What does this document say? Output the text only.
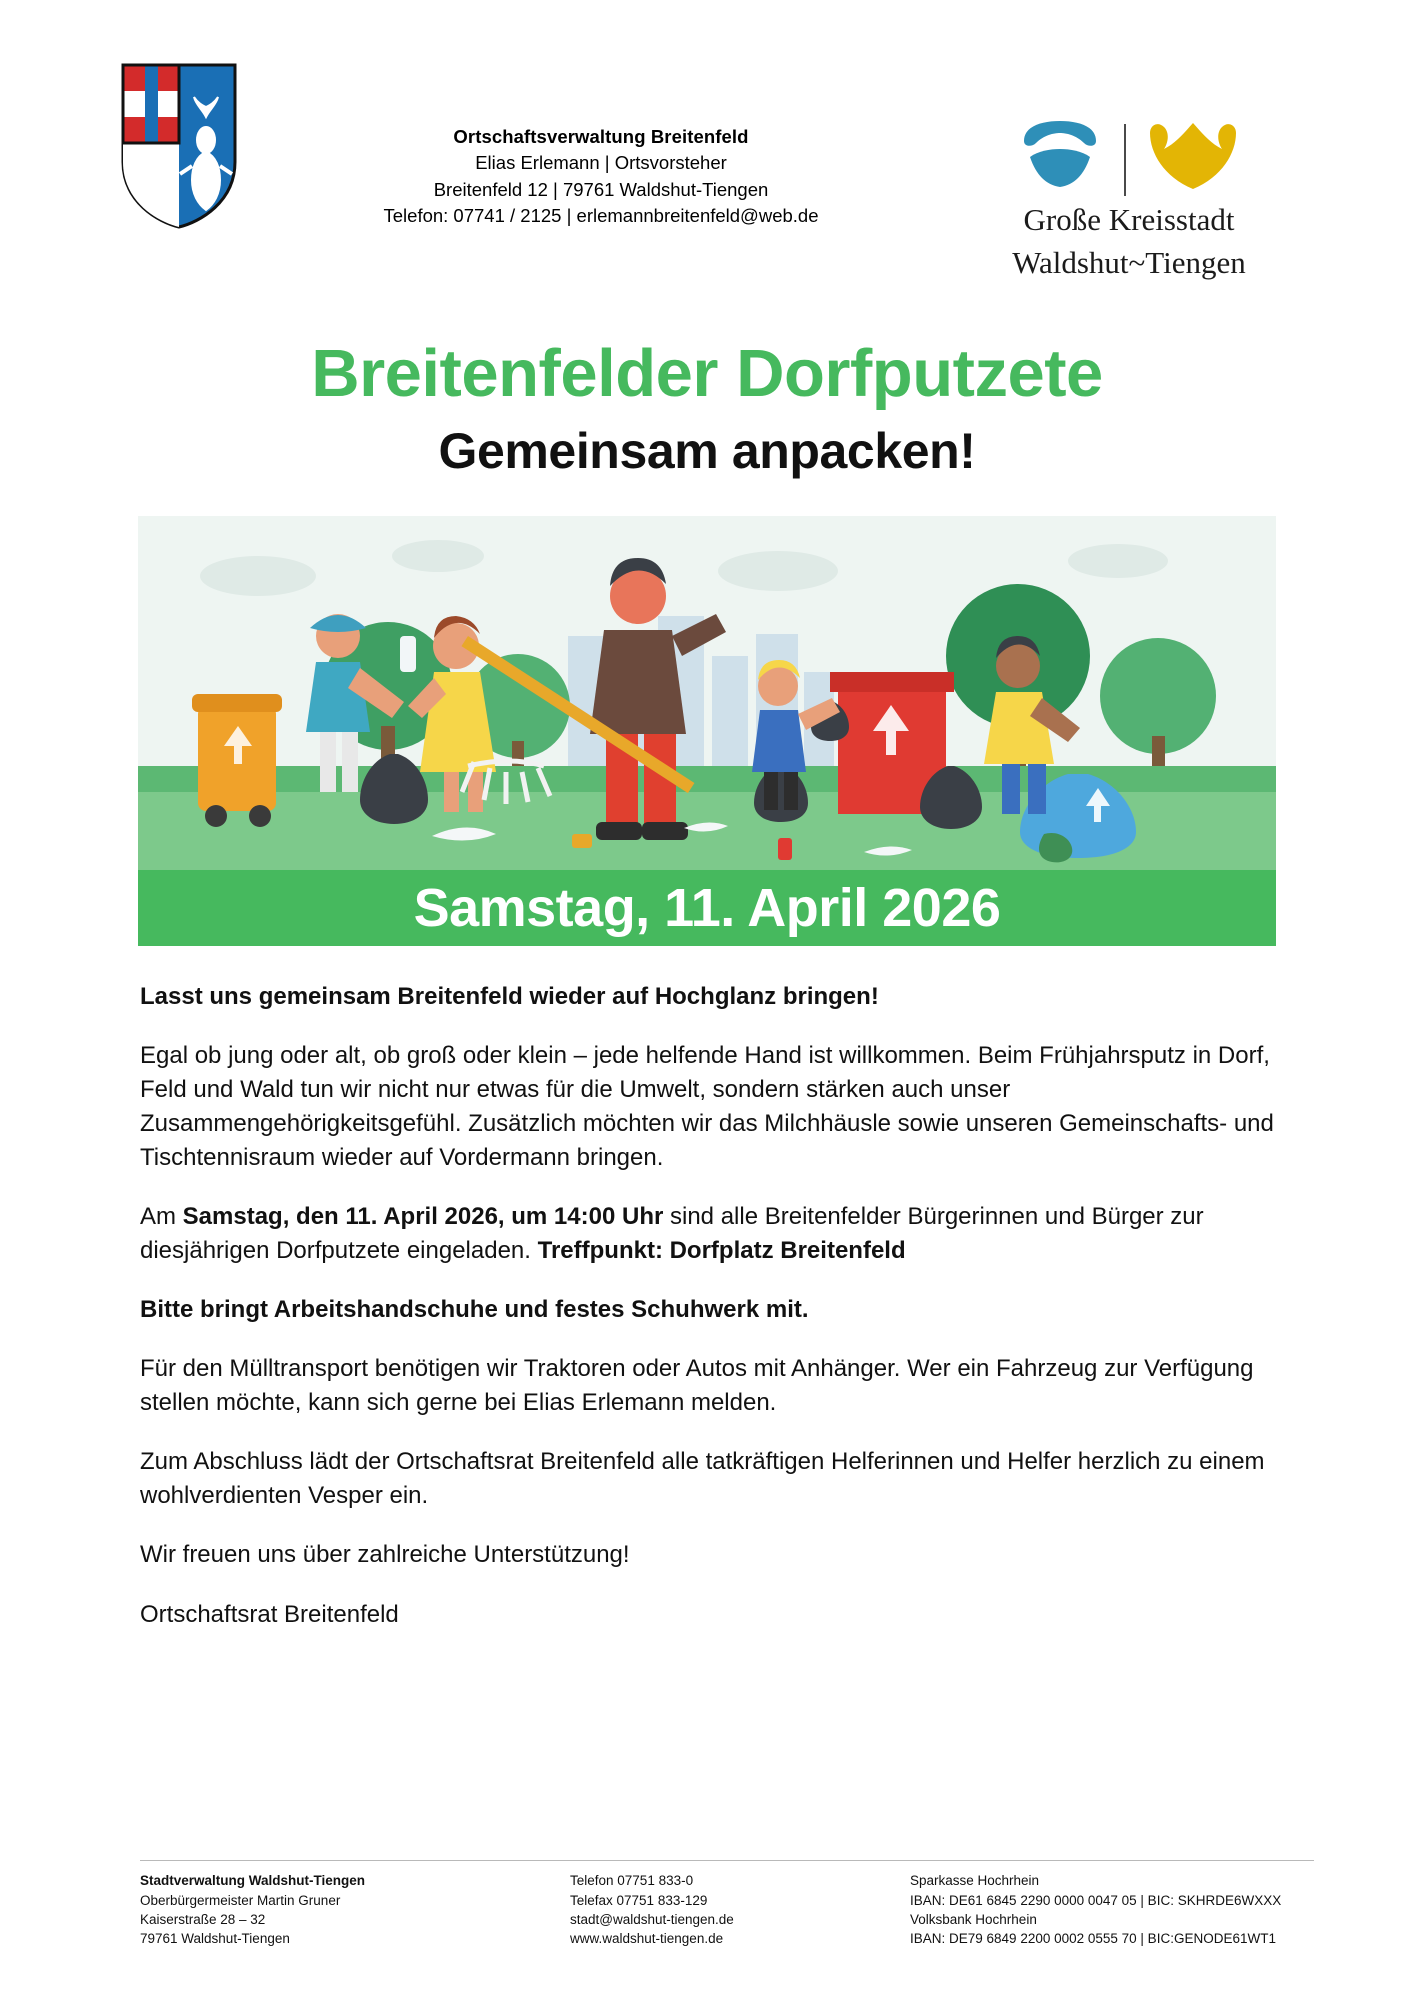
Ortschaftsverwaltung Breitenfeld
Elias Erlemann | Ortsvorsteher
Breitenfeld 12 | 79761 Waldshut-Tiengen
Telefon: 07741 / 2125 | erlemannbreitenfeld@web.de	Große Kreisstadt
Waldshut~Tiengen
Breitenfelder Dorfputzete
Gemeinsam anpacken!
Samstag, 11. April 2026

Lasst uns gemeinsam Breitenfeld wieder auf Hochglanz bringen!

Egal ob jung oder alt, ob groß oder klein – jede helfende Hand ist willkommen. Beim Frühjahrsputz in Dorf, Feld und Wald tun wir nicht nur etwas für die Umwelt, sondern stärken auch unser Zusammengehörigkeitsgefühl. Zusätzlich möchten wir das Milchhäusle sowie unseren Gemeinschafts- und Tischtennisraum wieder auf Vordermann bringen.

Am Samstag, den 11. April 2026, um 14:00 Uhr sind alle Breitenfelder Bürgerinnen und Bürger zur diesjährigen Dorfputzete eingeladen. Treffpunkt: Dorfplatz Breitenfeld

Bitte bringt Arbeitshandschuhe und festes Schuhwerk mit.

Für den Mülltransport benötigen wir Traktoren oder Autos mit Anhänger. Wer ein Fahrzeug zur Verfügung stellen möchte, kann sich gerne bei Elias Erlemann melden.

Zum Abschluss lädt der Ortschaftsrat Breitenfeld alle tatkräftigen Helferinnen und Helfer herzlich zu einem wohlverdienten Vesper ein.

Wir freuen uns über zahlreiche Unterstützung!

Ortschaftsrat Breitenfeld

Stadtverwaltung Waldshut-Tiengen
Oberbürgermeister Martin Gruner
Kaiserstraße 28 – 32
79761 Waldshut-Tiengen
Telefon 07751 833-0
Telefax 07751 833-129
stadt@waldshut-tiengen.de
www.waldshut-tiengen.de
Sparkasse Hochrhein
IBAN: DE61 6845 2290 0000 0047 05 | BIC: SKHRDE6WXXX
Volksbank Hochrhein
IBAN: DE79 6849 2200 0002 0555 70 | BIC:GENODE61WT1
